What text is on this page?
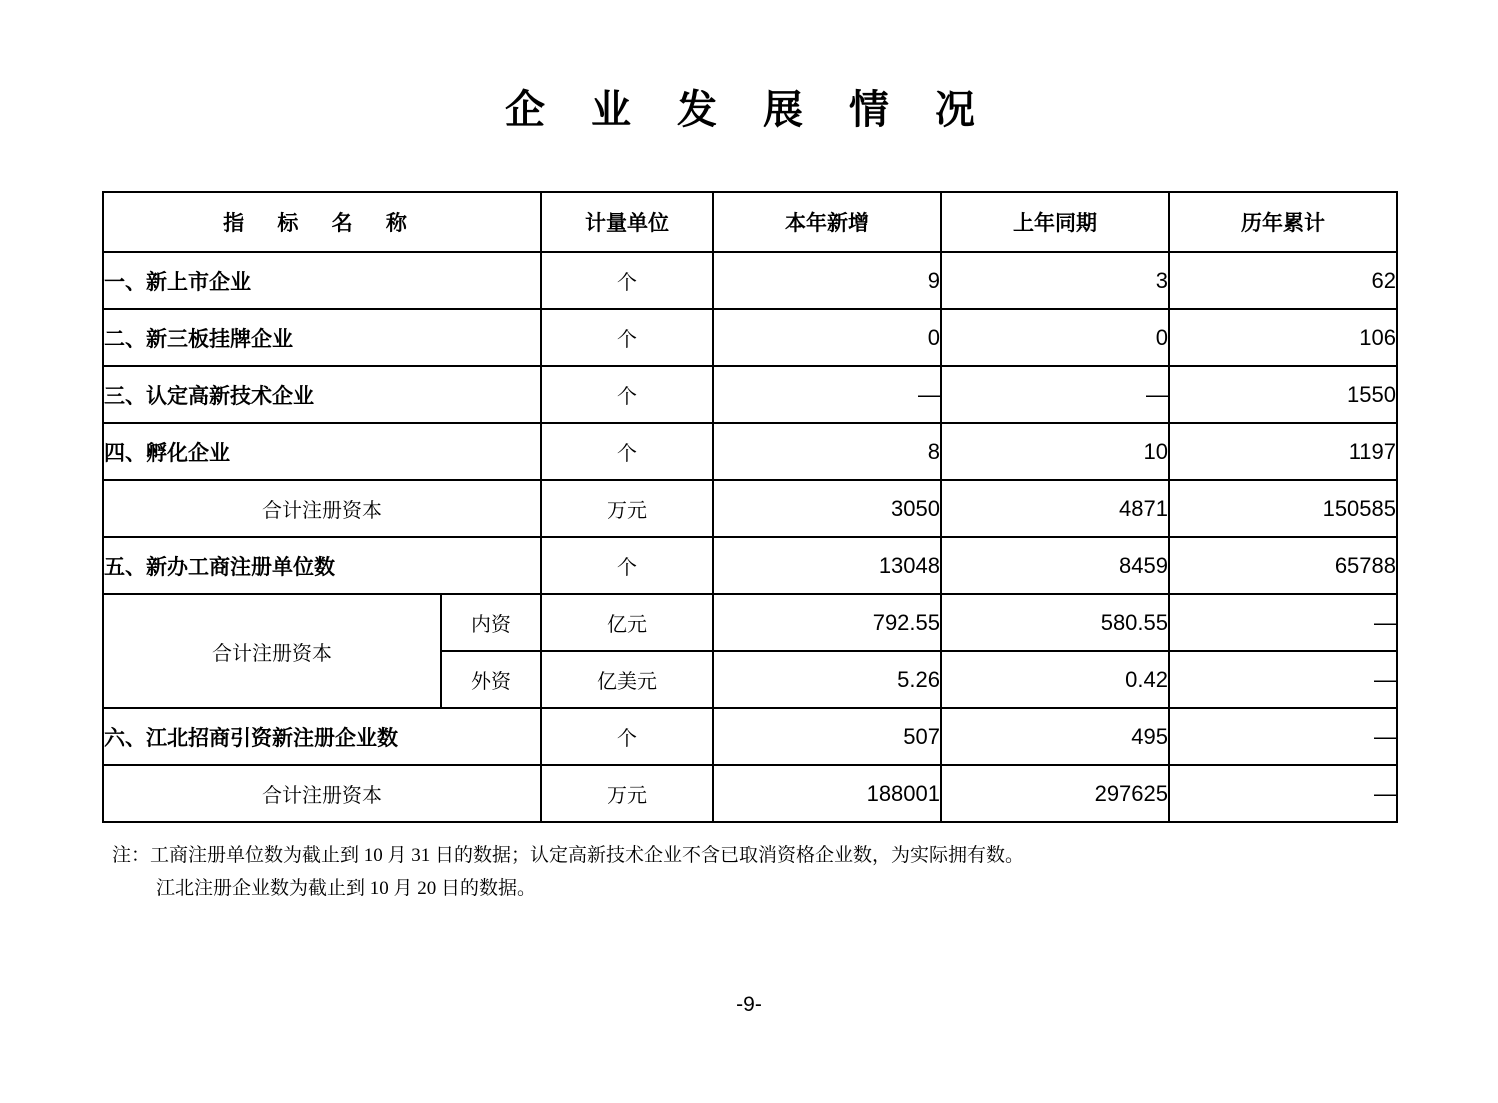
企 业 发 展 情 况
指 标 名 称		计量单位	本年新增	上年同期	历年累计
一、新上市企业		个	9	3	62
二、新三板挂牌企业		个	0	0	106
三、认定高新技术企业		个	—	—	1550
四、孵化企业		个	8	10	1197
合计注册资本		万元	3050	4871	150585
五、新办工商注册单位数		个	13048	8459	65788
合计注册资本	内资	亿元	792.55	580.55	—
	外资	亿美元	5.26	0.42	—
六、江北招商引资新注册企业数		个	507	495	—
合计注册资本		万元	188001	297625	—
注：工商注册单位数为截止到 10 月 31 日的数据；认定高新技术企业不含已取消资格企业数，为实际拥有数。
江北注册企业数为截止到 10 月 20 日的数据。
-9-
